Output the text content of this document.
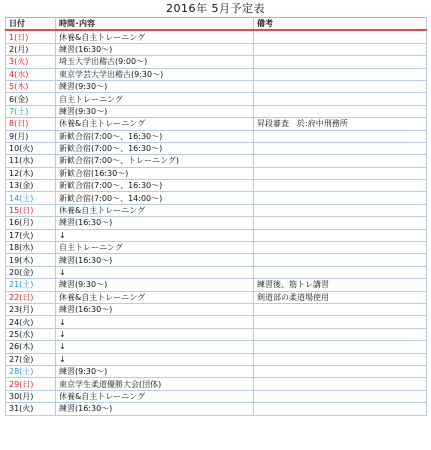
2016年 5月予定表
日付	時間･内容	備考
1(日)	休養&自主トレーニング	
2(月)	練習(16:30～)	
3(火)	埼玉大学出稽古(9:00～)	
4(水)	東京学芸大学出稽古(9:30～)	
5(木)	練習(9:30～)	
6(金)	自主トレーニング	
7(土)	練習(9:30～)	
8(日)	休養&自主トレーニング	昇段審査　於:府中刑務所
9(月)	新歓合宿(7:00～、16:30～)	
10(火)	新歓合宿(7:00～、16:30～)	
11(水)	新歓合宿(7:00～、トレーニング)	
12(木)	新歓合宿(16:30～)	
13(金)	新歓合宿(7:00～、16:30～)	
14(土)	新歓合宿(7:00～、14:00～)	
15(日)	休養&自主トレーニング	
16(月)	練習(16:30～)	
17(火)	↓	
18(水)	自主トレーニング	
19(木)	練習(16:30～)	
20(金)	↓	
21(土)	練習(9:30～)	練習後、筋トレ講習
22(日)	休養&自主トレーニング	剣道部の柔道場使用
23(月)	練習(16:30～)	
24(火)	↓	
25(水)	↓	
26(木)	↓	
27(金)	↓	
28(土)	練習(9:30～)	
29(日)	東京学生柔道優勝大会(団体)	
30(月)	休養&自主トレーニング	
31(火)	練習(16:30～)	
